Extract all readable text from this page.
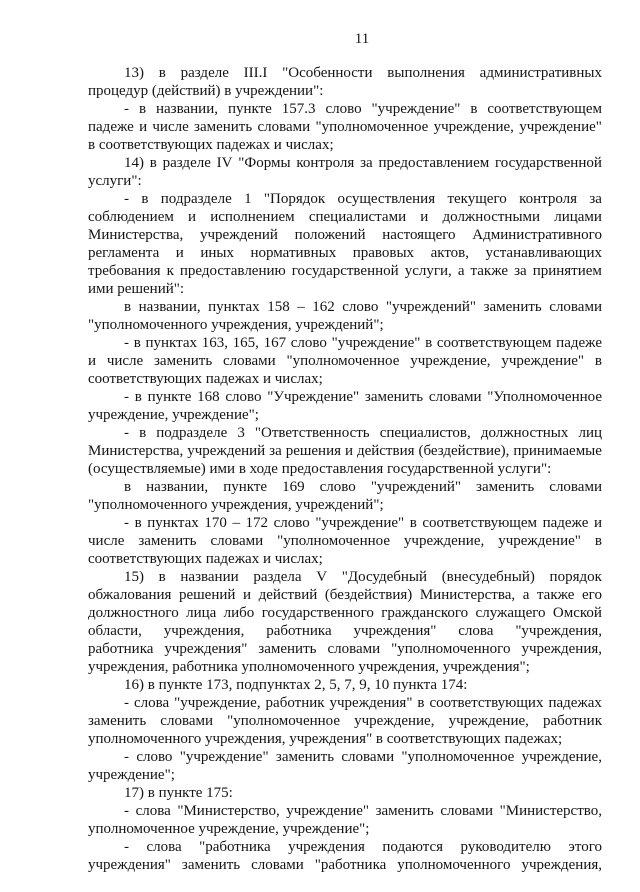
11
13) в разделе III.I "Особенности выполнения административных
процедур (действий) в учреждении":
- в названии, пункте 157.3 слово "учреждение" в соответствующем
падеже и числе заменить словами "уполномоченное учреждение, учреждение"
в соответствующих падежах и числах;
14) в разделе IV "Формы контроля за предоставлением государственной
услуги":
- в подразделе 1 "Порядок осуществления текущего контроля за
соблюдением и исполнением специалистами и должностными лицами
Министерства, учреждений положений настоящего Административного
регламента и иных нормативных правовых актов, устанавливающих
требования к предоставлению государственной услуги, а также за принятием
ими решений":
в названии, пунктах 158 – 162 слово "учреждений" заменить словами
"уполномоченного учреждения, учреждений";
- в пунктах 163, 165, 167 слово "учреждение" в соответствующем падеже
и числе заменить словами "уполномоченное учреждение, учреждение" в
соответствующих падежах и числах;
- в пункте 168 слово "Учреждение" заменить словами "Уполномоченное
учреждение, учреждение";
- в подразделе 3 "Ответственность специалистов, должностных лиц
Министерства, учреждений за решения и действия (бездействие), принимаемые
(осуществляемые) ими в ходе предоставления государственной услуги":
в названии, пункте 169 слово "учреждений" заменить словами
"уполномоченного учреждения, учреждений";
- в пунктах 170 – 172 слово "учреждение" в соответствующем падеже и
числе заменить словами "уполномоченное учреждение, учреждение" в
соответствующих падежах и числах;
15) в названии раздела V "Досудебный (внесудебный) порядок
обжалования решений и действий (бездействия) Министерства, а также его
должностного лица либо государственного гражданского служащего Омской
области, учреждения, работника учреждения" слова "учреждения,
работника учреждения" заменить словами "уполномоченного учреждения,
учреждения, работника уполномоченного учреждения, учреждения";
16) в пункте 173, подпунктах 2, 5, 7, 9, 10 пункта 174:
- слова "учреждение, работник учреждения" в соответствующих падежах
заменить словами "уполномоченное учреждение, учреждение, работник
уполномоченного учреждения, учреждения" в соответствующих падежах;
- слово "учреждение" заменить словами "уполномоченное учреждение,
учреждение";
17) в пункте 175:
- слова "Министерство, учреждение" заменить словами "Министерство,
уполномоченное учреждение, учреждение";
- слова "работника учреждения подаются руководителю этого
учреждения" заменить словами "работника уполномоченного учреждения,
